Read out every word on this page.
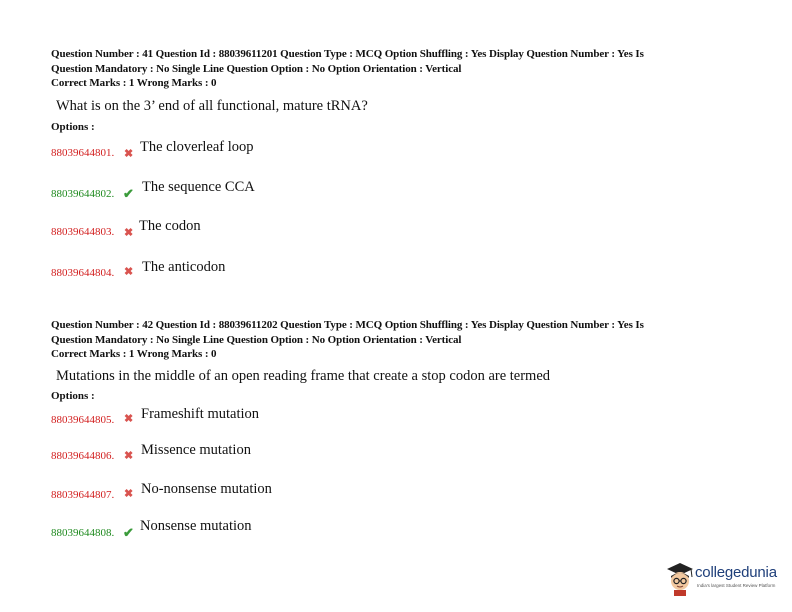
Question Number : 41 Question Id : 88039611201 Question Type : MCQ Option Shuffling : Yes Display Question Number : Yes Is
Question Mandatory : No Single Line Question Option : No Option Orientation : Vertical
Correct Marks : 1 Wrong Marks : 0
What is on the 3’ end of all functional, mature tRNA?
Options :
88039644801. ✖ The cloverleaf loop
88039644802. ✔ The sequence CCA
88039644803. ✖ The codon
88039644804. ✖ The anticodon
Question Number : 42 Question Id : 88039611202 Question Type : MCQ Option Shuffling : Yes Display Question Number : Yes Is
Question Mandatory : No Single Line Question Option : No Option Orientation : Vertical
Correct Marks : 1 Wrong Marks : 0
Mutations in the middle of an open reading frame that create a stop codon are termed
Options :
88039644805. ✖ Frameshift mutation
88039644806. ✖ Missence mutation
88039644807. ✖ No-nonsense mutation
88039644808. ✔ Nonsense mutation
collegedunia
India's largest Student Review Platform
